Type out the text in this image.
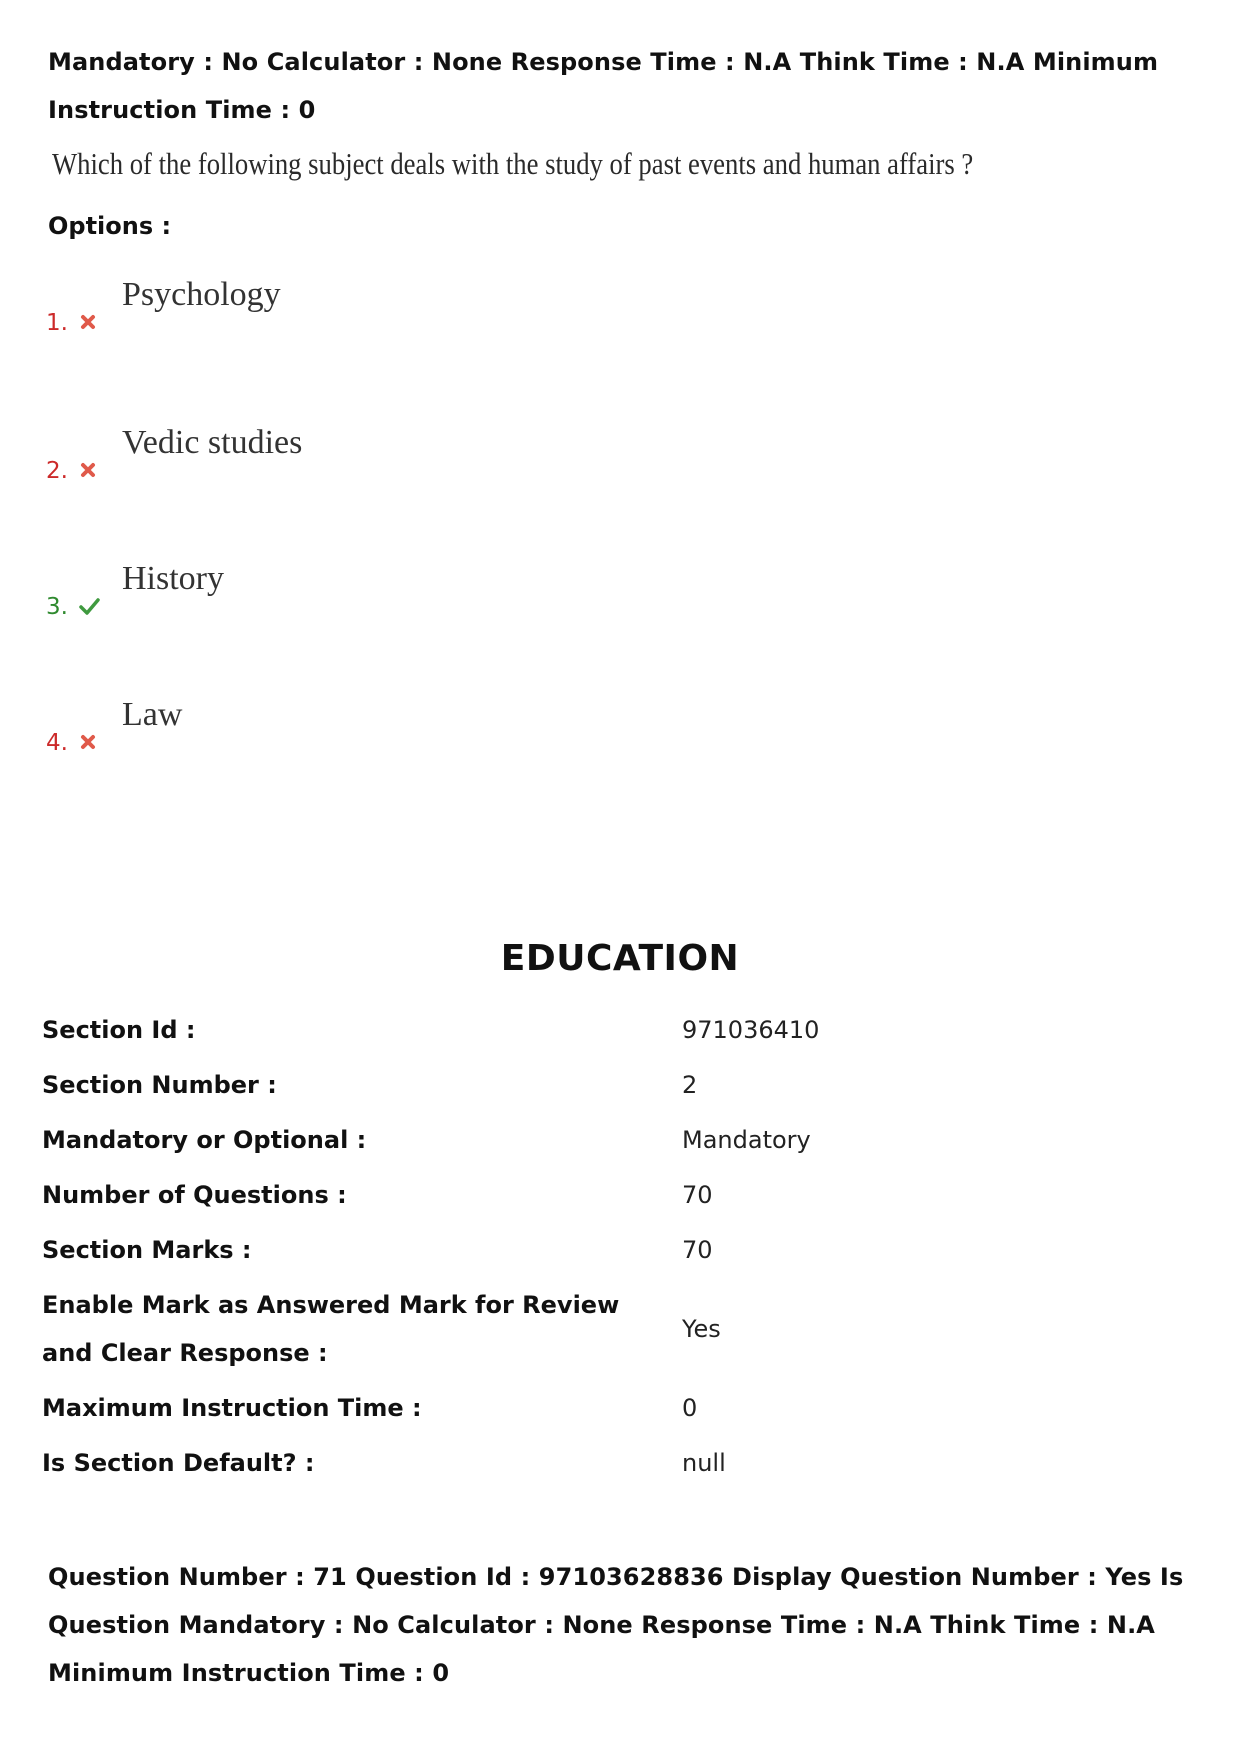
Mandatory : No Calculator : None Response Time : N.A Think Time : N.A Minimum Instruction Time : 0
Which of the following subject deals with the study of past events and human affairs ?
Options :
1.
Psychology
2.
Vedic studies
3.
History
4.
Law
EDUCATION
Section Id :	971036410
Section Number :	2
Mandatory or Optional :	Mandatory
Number of Questions :	70
Section Marks :	70
Enable Mark as Answered Mark for Review and Clear Response :
Yes
Maximum Instruction Time :	0
Is Section Default? :	null
Question Number : 71 Question Id : 97103628836 Display Question Number : Yes Is Question Mandatory : No Calculator : None Response Time : N.A Think Time : N.A Minimum Instruction Time : 0
